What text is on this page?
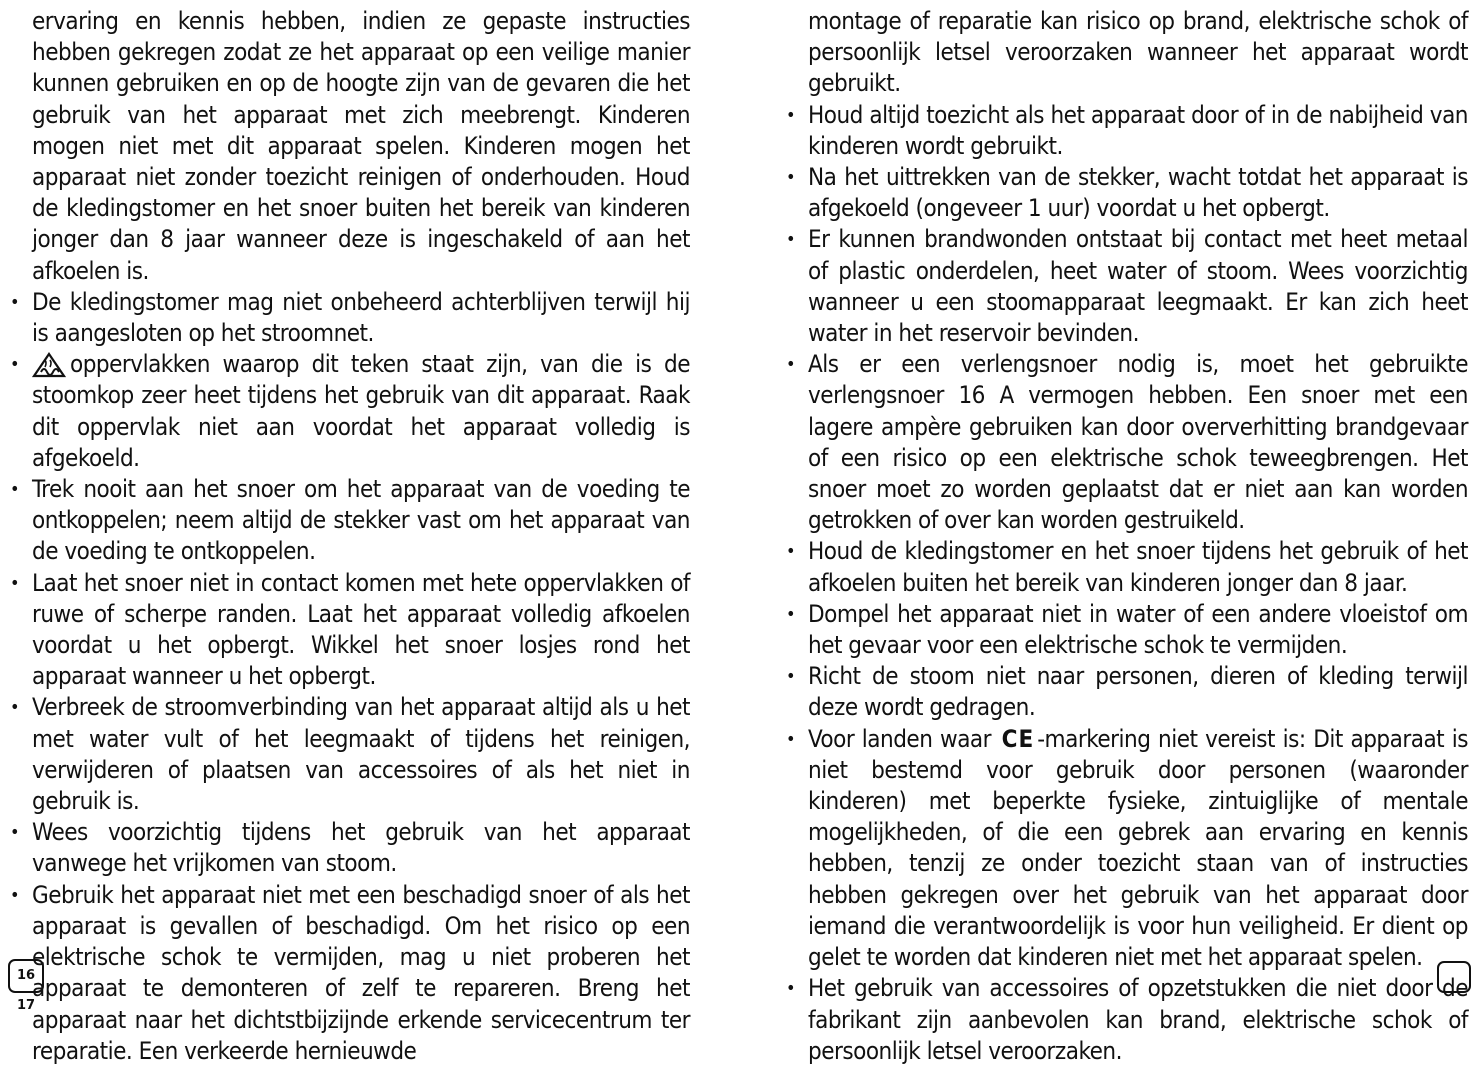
ervaring en kennis hebben, indien ze gepaste instructies hebben gekregen zodat ze het apparaat op een veilige manier kunnen gebruiken en op de hoogte zijn van de gevaren die het gebruik van het apparaat met zich meebrengt. Kinderen mogen niet met dit apparaat spelen. Kinderen mogen het apparaat niet zonder toezicht reinigen of onderhouden. Houd de kledingstomer en het snoer buiten het bereik van kinderen jonger dan 8 jaar wanneer deze is ingeschakeld of aan het afkoelen is.

• De kledingstomer mag niet onbeheerd achterblijven terwijl hij is aangesloten op het stroomnet.

• oppervlakken waarop dit teken staat zijn, van die is de stoomkop zeer heet tijdens het gebruik van dit apparaat. Raak dit oppervlak niet aan voordat het apparaat volledig is afgekoeld.

• Trek nooit aan het snoer om het apparaat van de voeding te ontkoppelen; neem altijd de stekker vast om het apparaat van de voeding te ontkoppelen.

• Laat het snoer niet in contact komen met hete oppervlakken of ruwe of scherpe randen. Laat het apparaat volledig afkoelen voordat u het opbergt. Wikkel het snoer losjes rond het apparaat wanneer u het opbergt.

• Verbreek de stroomverbinding van het apparaat altijd als u het met water vult of het leegmaakt of tijdens het reinigen, verwijderen of plaatsen van accessoires of als het niet in gebruik is.

• Wees voorzichtig tijdens het gebruik van het apparaat vanwege het vrijkomen van stoom.

• Gebruik het apparaat niet met een beschadigd snoer of als het apparaat is gevallen of beschadigd. Om het risico op een elektrische schok te vermijden, mag u niet proberen het apparaat te demonteren of zelf te repareren. Breng het apparaat naar het dichtstbijzijnde erkende servicecentrum ter reparatie. Een verkeerde hernieuwde

montage of reparatie kan risico op brand, elektrische schok of persoonlijk letsel veroorzaken wanneer het apparaat wordt gebruikt.

• Houd altijd toezicht als het apparaat door of in de nabijheid van kinderen wordt gebruikt.

• Na het uittrekken van de stekker, wacht totdat het apparaat is afgekoeld (ongeveer 1 uur) voordat u het opbergt.

• Er kunnen brandwonden ontstaat bij contact met heet metaal of plastic onderdelen, heet water of stoom. Wees voorzichtig wanneer u een stoomapparaat leegmaakt. Er kan zich heet water in het reservoir bevinden.

• Als er een verlengsnoer nodig is, moet het gebruikte verlengsnoer 16 A vermogen hebben. Een snoer met een lagere ampère gebruiken kan door oververhitting brandgevaar of een risico op een elektrische schok teweegbrengen. Het snoer moet zo worden geplaatst dat er niet aan kan worden getrokken of over kan worden gestruikeld.

• Houd de kledingstomer en het snoer tijdens het gebruik of het afkoelen buiten het bereik van kinderen jonger dan 8 jaar.

• Dompel het apparaat niet in water of een andere vloeistof om het gevaar voor een elektrische schok te vermijden.

• Richt de stoom niet naar personen, dieren of kleding terwijl deze wordt gedragen.

• Voor landen waar CE -markering niet vereist is: Dit apparaat is niet bestemd voor gebruik door personen (waaronder kinderen) met beperkte fysieke, zintuiglijke of mentale mogelijkheden, of die een gebrek aan ervaring en kennis hebben, tenzij ze onder toezicht staan van of instructies hebben gekregen over het gebruik van het apparaat door iemand die verantwoordelijk is voor hun veiligheid. Er dient op gelet te worden dat kinderen niet met het apparaat spelen.

• Het gebruik van accessoires of opzetstukken die niet door de fabrikant zijn aanbevolen kan brand, elektrische schok of persoonlijk letsel veroorzaken.

16 17
